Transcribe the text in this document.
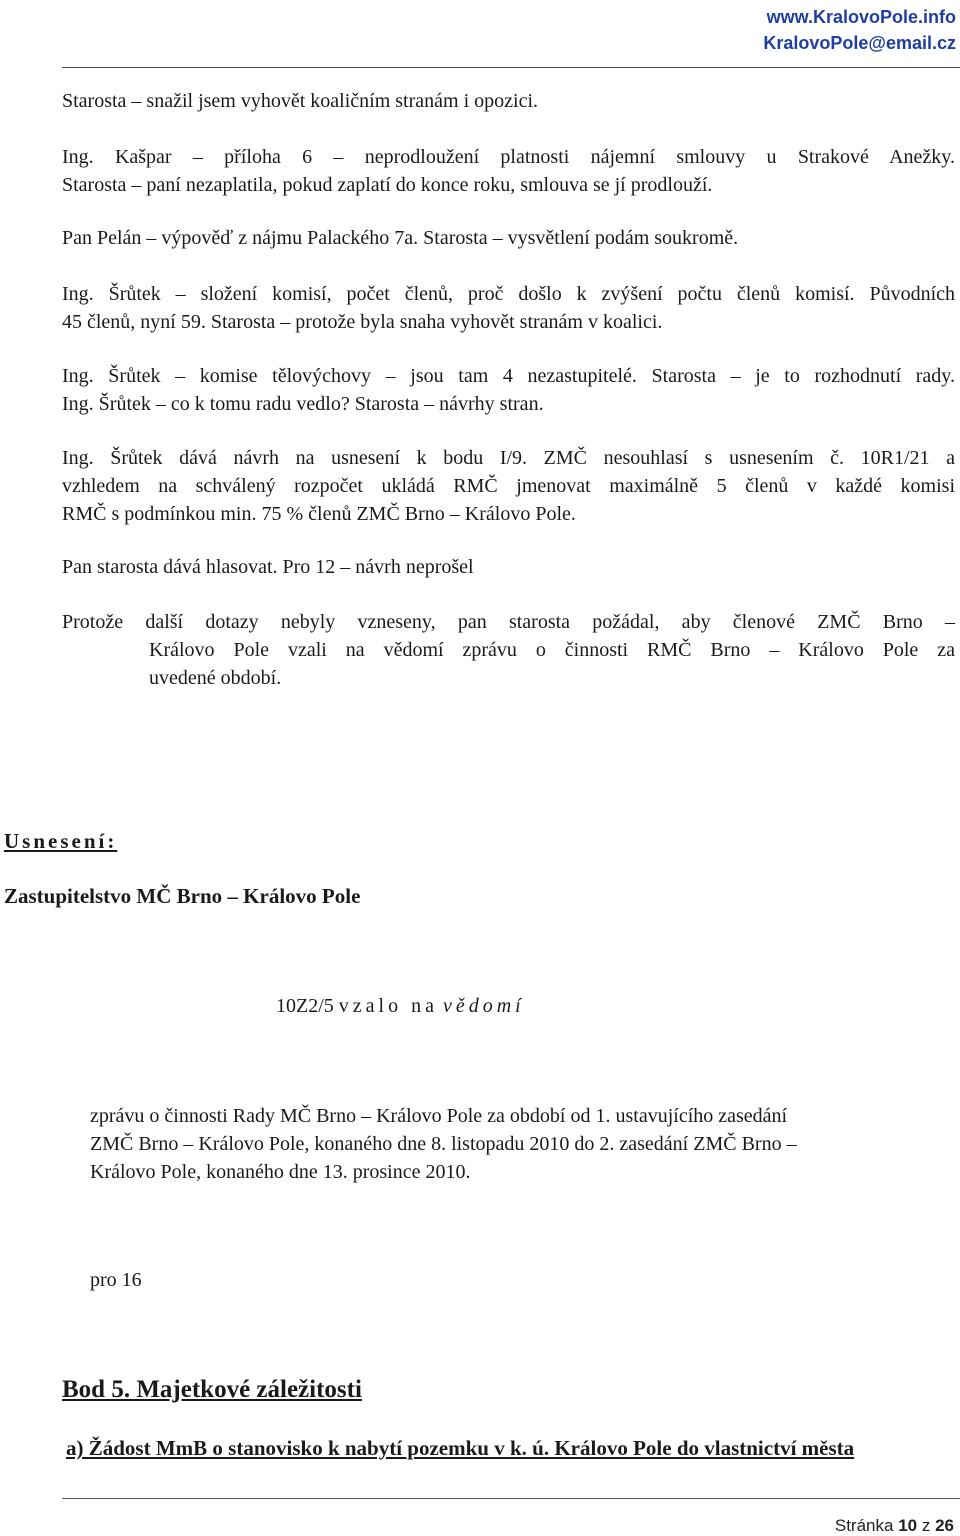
www.KralovoPole.info
KralovoPole@email.cz
Starosta – snažil jsem vyhovět koaličním stranám i opozici.
Ing. Kašpar – příloha 6 – neprodloužení platnosti nájemní smlouvy u Strakové Anežky.
Starosta – paní nezaplatila, pokud zaplatí do konce roku, smlouva se jí prodlouží.
Pan Pelán – výpověď z nájmu Palackého 7a. Starosta – vysvětlení podám soukromě.
Ing. Šrůtek – složení komisí, počet členů, proč došlo k zvýšení počtu členů komisí. Původních
45 členů, nyní 59. Starosta – protože byla snaha vyhovět stranám v koalici.
Ing. Šrůtek – komise tělovýchovy – jsou tam 4 nezastupitelé. Starosta – je to rozhodnutí rady.
Ing. Šrůtek – co k tomu radu vedlo? Starosta – návrhy stran.
Ing. Šrůtek dává návrh na usnesení k bodu I/9. ZMČ nesouhlasí s usnesením č. 10R1/21 a
vzhledem na schválený rozpočet ukládá RMČ jmenovat maximálně 5 členů v každé komisi
RMČ s podmínkou min. 75 % členů ZMČ Brno – Královo Pole.
Pan starosta dává hlasovat. Pro 12 – návrh neprošel
Protože další dotazy nebyly vzneseny, pan starosta požádal, aby členové ZMČ Brno –
Královo Pole vzali na vědomí zprávu o činnosti RMČ Brno – Královo Pole za
uvedené období.
Usnesení:
Zastupitelstvo MČ Brno – Královo Pole
10Z2/5 vzalo na vědomí
zprávu o činnosti Rady MČ Brno – Královo Pole za období od 1. ustavujícího zasedání
ZMČ Brno – Královo Pole, konaného dne 8. listopadu 2010 do 2. zasedání ZMČ Brno –
Královo Pole, konaného dne 13. prosince 2010.
pro 16
Bod 5. Majetkové záležitosti
a) Žádost MmB o stanovisko k nabytí pozemku v k. ú. Královo Pole do vlastnictví města
Stránka 10 z 26
